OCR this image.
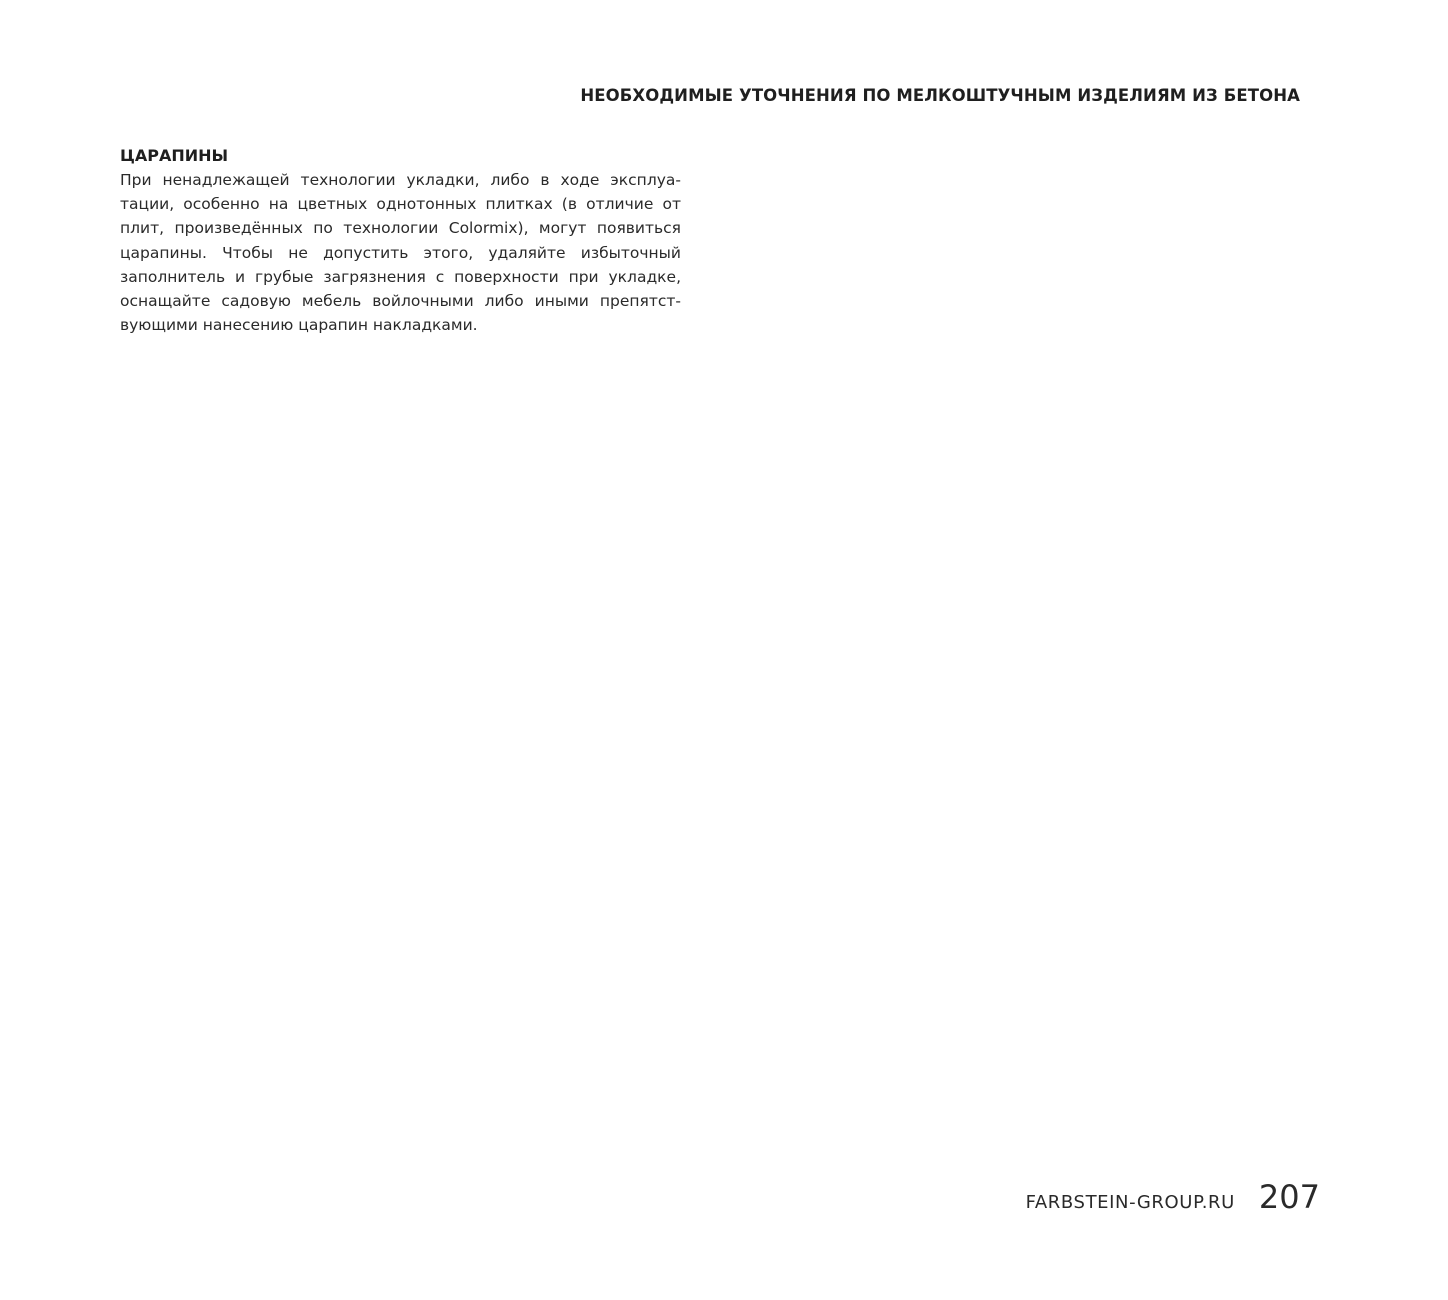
НЕОБХОДИМЫЕ УТОЧНЕНИЯ ПО МЕЛКОШТУЧНЫМ ИЗДЕЛИЯМ ИЗ БЕТОНА
ЦАРАПИНЫ

При ненадлежащей технологии укладки, либо в ходе эксплуа-
тации, особенно на цветных однотонных плитках (в отличие от
плит, произведённых по технологии Colormix), могут появиться
царапины. Чтобы не допустить этого, удаляйте избыточный
заполнитель и грубые загрязнения с поверхности при укладке,
оснащайте садовую мебель войлочными либо иными препятст-
вующими нанесению царапин накладками.

FARBSTEIN-GROUP.RU 207
